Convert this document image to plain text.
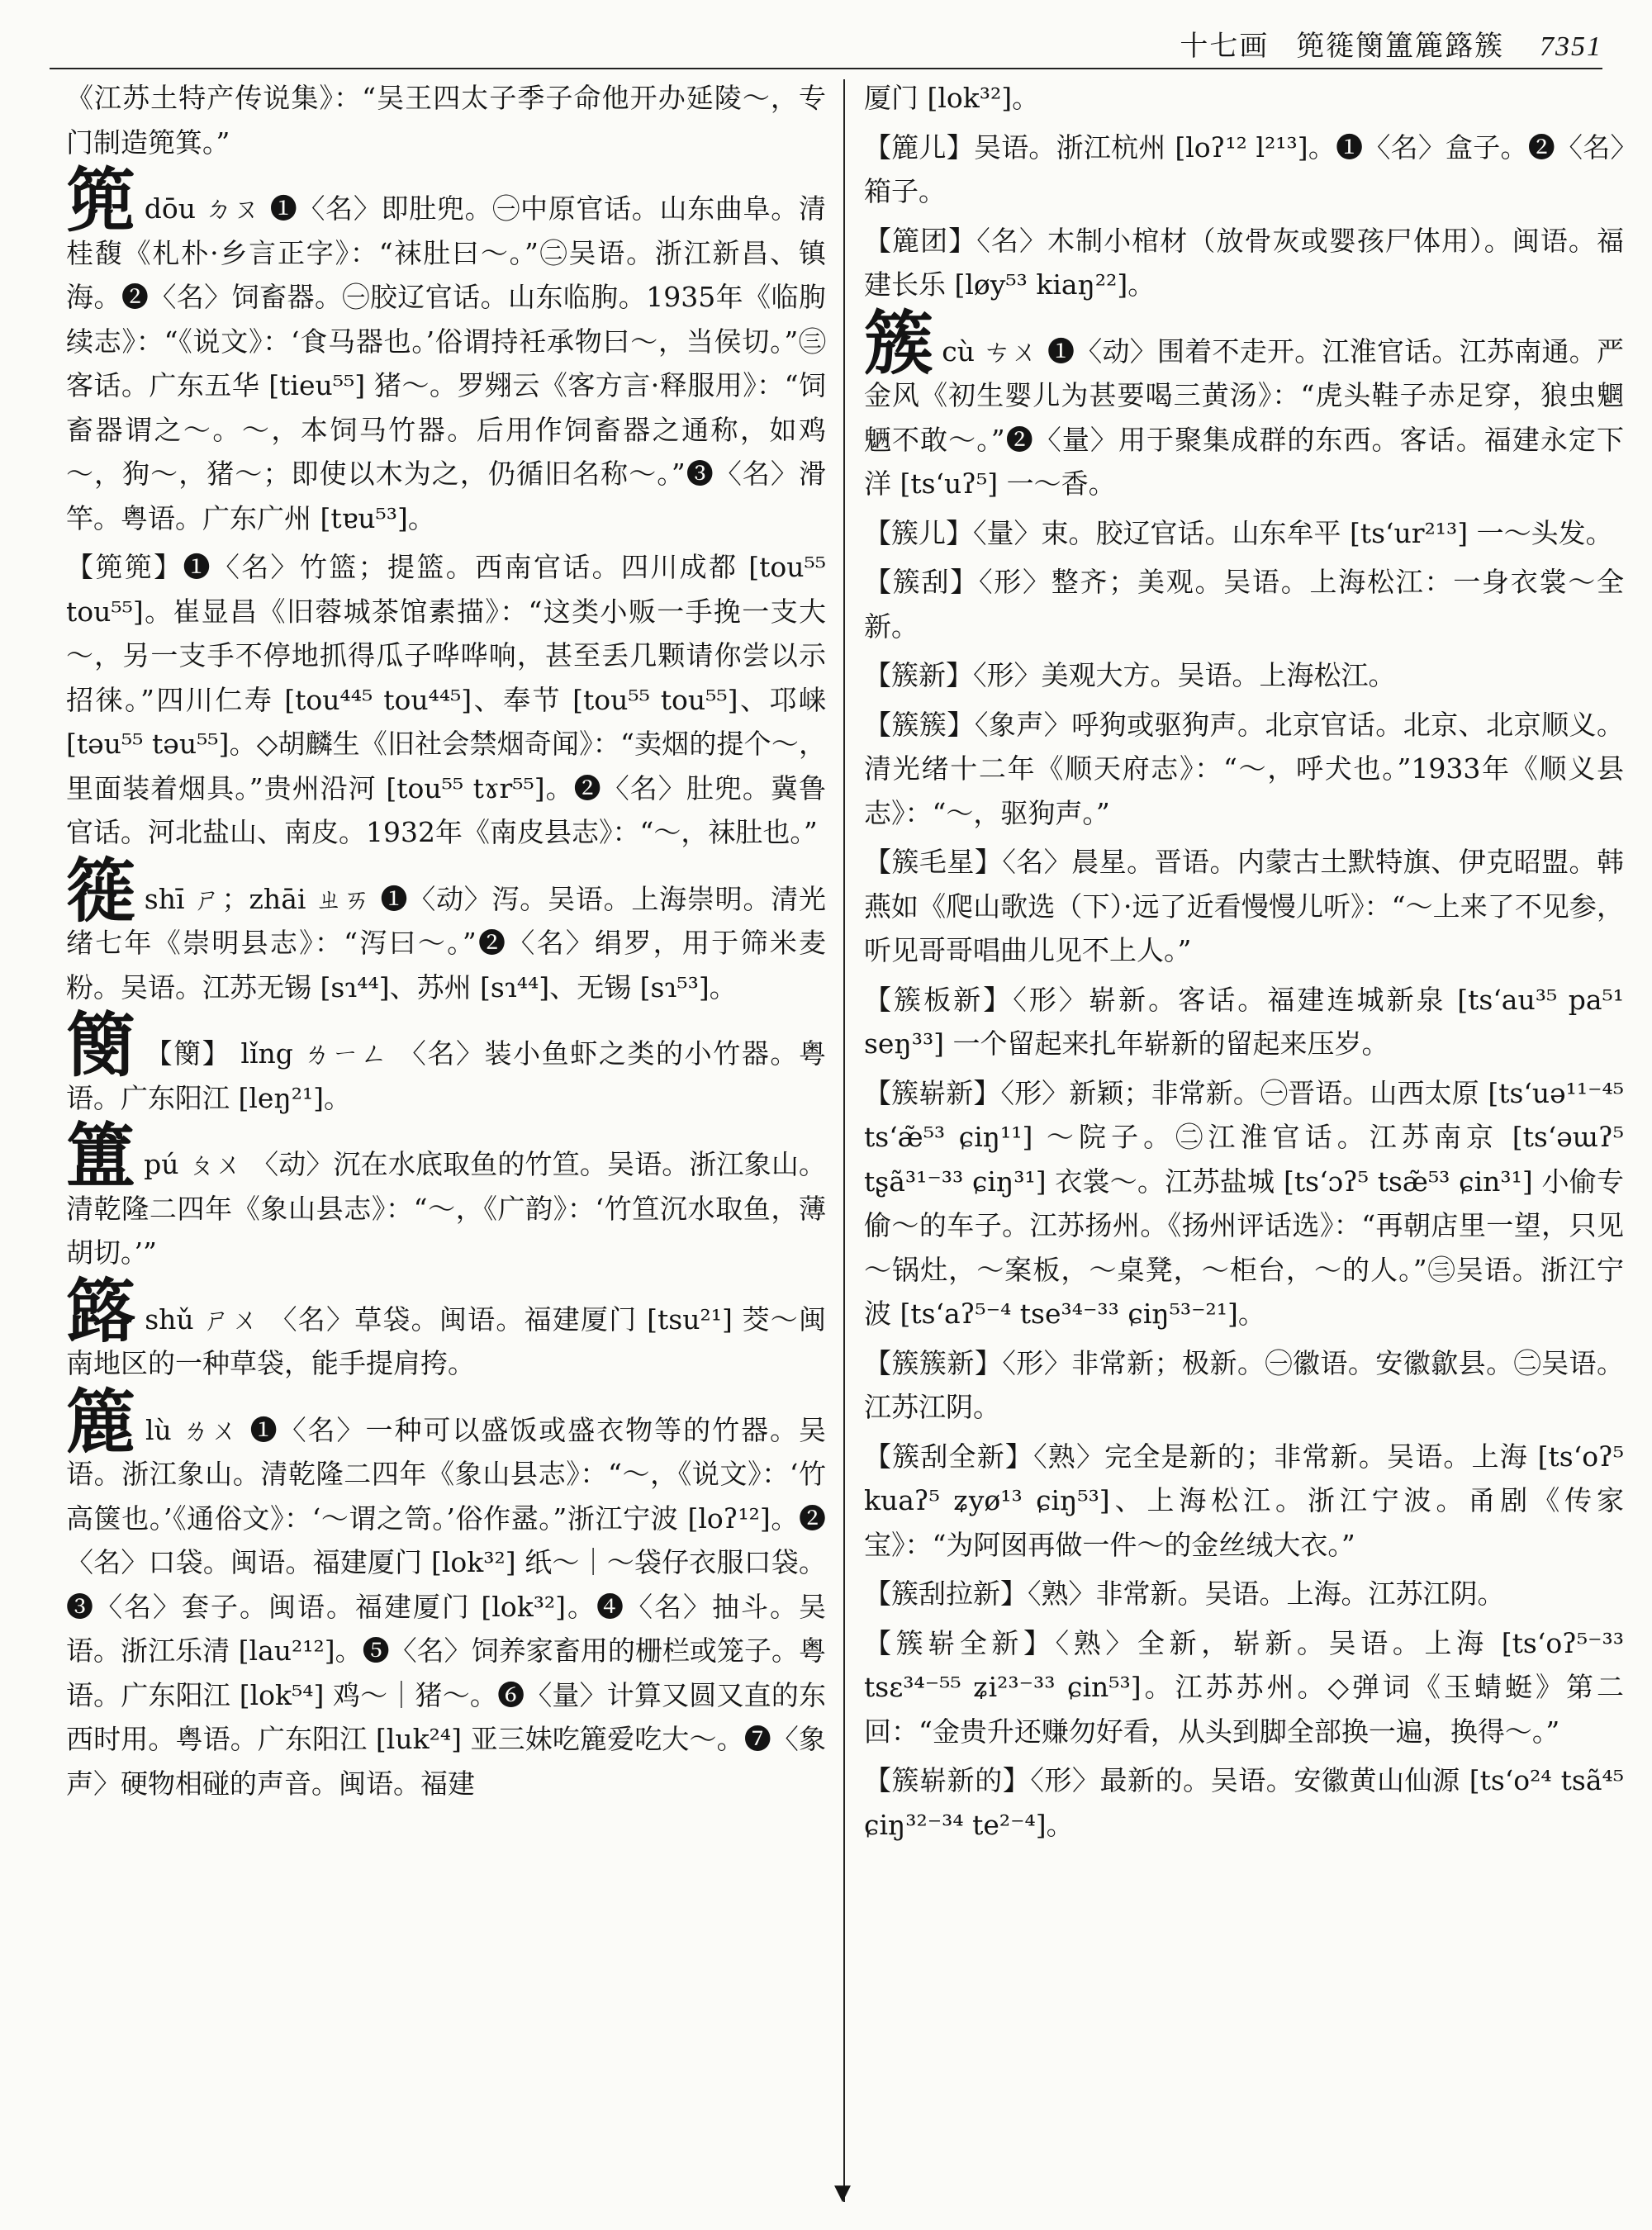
十七画 篼簁簢簠簏簬簇 7351
▼

《江苏土特产传说集》：“吴王四太子季子命他开办延陵～，专门制造篼箕。”

篼dōu ㄉㄡ ❶〈名〉即肚兜。㊀中原官话。山东曲阜。清桂馥《札朴·乡言正字》：“袜肚曰～。”㊁吴语。浙江新昌、镇海。❷〈名〉饲畜器。㊀胶辽官话。山东临朐。1935年《临朐续志》：“《说文》：‘食马器也。’俗谓持衽承物曰～，当侯切。”㊂客话。广东五华 [tieu⁵⁵] 猪～。罗翙云《客方言·释服用》：“饲畜器谓之～。～，本饲马竹器。后用作饲畜器之通称，如鸡～，狗～，猪～；即使以木为之，仍循旧名称～。”❸〈名〉滑竿。粤语。广东广州 [tɐu⁵³]。

【篼篼】❶〈名〉竹篮；提篮。西南官话。四川成都 [tou⁵⁵ tou⁵⁵]。崔显昌《旧蓉城茶馆素描》：“这类小贩一手挽一支大～，另一支手不停地抓得瓜子哗哗响，甚至丢几颗请你尝以示招徕。”四川仁寿 [tou⁴⁴⁵ tou⁴⁴⁵]、奉节 [tou⁵⁵ tou⁵⁵]、邛崃 [təu⁵⁵ təu⁵⁵]。◇胡麟生《旧社会禁烟奇闻》：“卖烟的提个～，里面装着烟具。”贵州沿河 [tou⁵⁵ tɤr⁵⁵]。❷〈名〉肚兜。冀鲁官话。河北盐山、南皮。1932年《南皮县志》：“～，袜肚也。”

簁shī ㄕ；zhāi ㄓㄞ ❶〈动〉泻。吴语。上海崇明。清光绪七年《崇明县志》：“泻曰～。”❷〈名〉绢罗，用于筛米麦粉。吴语。江苏无锡 [sɿ⁴⁴]、苏州 [sɿ⁴⁴]、无锡 [sɿ⁵³]。

簢 【簢】 lǐng ㄌㄧㄥ 〈名〉装小鱼虾之类的小竹器。粤语。广东阳江 [leŋ²¹]。

簠pú ㄆㄨ 〈动〉沉在水底取鱼的竹笪。吴语。浙江象山。清乾隆二四年《象山县志》：“～，《广韵》：‘竹笪沉水取鱼，薄胡切。’”

簬shǔ ㄕㄨ 〈名〉草袋。闽语。福建厦门 [tsu²¹] 茭～闽南地区的一种草袋，能手提肩挎。

簏lù ㄌㄨ ❶〈名〉一种可以盛饭或盛衣物等的竹器。吴语。浙江象山。清乾隆二四年《象山县志》：“～，《说文》：‘竹高箧也。’《通俗文》：‘～谓之笥。’俗作盝。”浙江宁波 [loʔ¹²]。❷〈名〉口袋。闽语。福建厦门 [lok³²] 纸～｜～袋仔衣服口袋。❸〈名〉套子。闽语。福建厦门 [lok³²]。❹〈名〉抽斗。吴语。浙江乐清 [lau²¹²]。❺〈名〉饲养家畜用的栅栏或笼子。粤语。广东阳江 [lok⁵⁴] 鸡～｜猪～。❻〈量〉计算又圆又直的东西时用。粤语。广东阳江 [luk²⁴] 亚三妹吃簏爱吃大～。❼〈象声〉硬物相碰的声音。闽语。福建

厦门 [lok³²]。

【簏儿】吴语。浙江杭州 [loʔ¹² l²¹³]。❶〈名〉盒子。❷〈名〉箱子。

【簏团】〈名〉木制小棺材（放骨灰或婴孩尸体用）。闽语。福建长乐 [løy⁵³ kiaŋ²²]。

簇cù ㄘㄨ ❶〈动〉围着不走开。江淮官话。江苏南通。严金风《初生婴儿为甚要喝三黄汤》：“虎头鞋子赤足穿，狼虫魍魉不敢～。”❷〈量〉用于聚集成群的东西。客话。福建永定下洋 [ts‘uʔ⁵] 一～香。

【簇儿】〈量〉束。胶辽官话。山东牟平 [ts‘ur²¹³] 一～头发。

【簇刮】〈形〉整齐；美观。吴语。上海松江：一身衣裳～全新。

【簇新】〈形〉美观大方。吴语。上海松江。

【簇簇】〈象声〉呼狗或驱狗声。北京官话。北京、北京顺义。清光绪十二年《顺天府志》：“～，呼犬也。”1933年《顺义县志》：“～，驱狗声。”

【簇毛星】〈名〉晨星。晋语。内蒙古土默特旗、伊克昭盟。韩燕如《爬山歌选（下）·远了近看慢慢儿听》：“～上来了不见参，听见哥哥唱曲儿见不上人。”

【簇板新】〈形〉崭新。客话。福建连城新泉 [ts‘au³⁵ pa⁵¹ seŋ³³] 一个留起来扎年崭新的留起来压岁。

【簇崭新】〈形〉新颖；非常新。㊀晋语。山西太原 [ts‘uə¹¹⁻⁴⁵ ts‘æ̃⁵³ ɕiŋ¹¹] ～院子。㊁江淮官话。江苏南京 [ts‘əɯʔ⁵ tʂã³¹⁻³³ ɕiŋ³¹] 衣裳～。江苏盐城 [ts‘ɔʔ⁵ tsæ̃⁵³ ɕin³¹] 小偷专偷～的车子。江苏扬州。《扬州评话选》：“再朝店里一望，只见～锅灶，～案板，～桌凳，～柜台，～的人。”㊂吴语。浙江宁波 [ts‘aʔ⁵⁻⁴ tse³⁴⁻³³ ɕiŋ⁵³⁻²¹]。

【簇簇新】〈形〉非常新；极新。㊀徽语。安徽歙县。㊁吴语。江苏江阴。

【簇刮全新】〈熟〉完全是新的；非常新。吴语。上海 [ts‘oʔ⁵ kuaʔ⁵ ʑyø¹³ ɕiŋ⁵³]、上海松江。浙江宁波。甬剧《传家宝》：“为阿囡再做一件～的金丝绒大衣。”

【簇刮拉新】〈熟〉非常新。吴语。上海。江苏江阴。

【簇崭全新】〈熟〉全新，崭新。吴语。上海 [ts‘oʔ⁵⁻³³ tsɛ³⁴⁻⁵⁵ ʑi²³⁻³³ ɕin⁵³]。江苏苏州。◇弹词《玉蜻蜓》第二回：“金贵升还赚勿好看，从头到脚全部换一遍，换得～。”

【簇崭新的】〈形〉最新的。吴语。安徽黄山仙源 [ts‘o²⁴ tsã⁴⁵ ɕiŋ³²⁻³⁴ te²⁻⁴]。
